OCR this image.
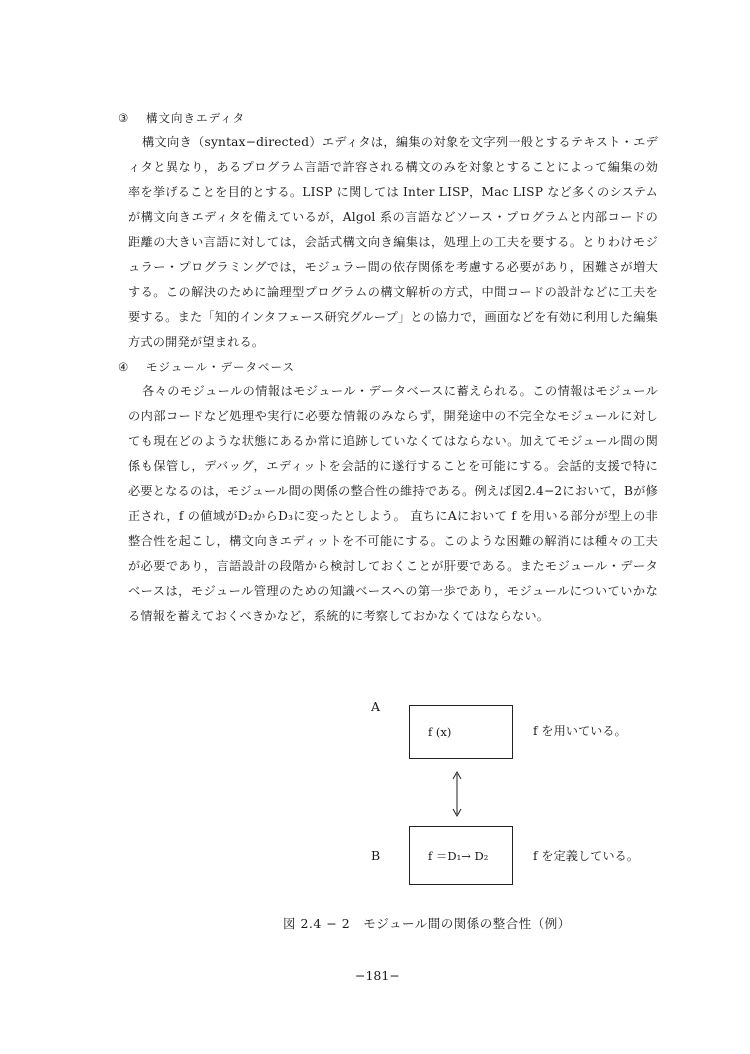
③ 構文向きエディタ

構文向き（syntax−directed）エディタは，編集の対象を文字列一般とするテキスト・エディタと異なり，あるプログラム言語で許容される構文のみを対象とすることによって編集の効率を挙げることを目的とする。LISP に関しては Inter LISP，Mac LISP など多くのシステムが構文向きエディタを備えているが，Algol 系の言語などソース・プログラムと内部コードの距離の大きい言語に対しては，会話式構文向き編集は，処理上の工夫を要する。とりわけモジュラー・プログラミングでは，モジュラー間の依存関係を考慮する必要があり，困難さが増大する。この解決のために論理型プログラムの構文解析の方式，中間コードの設計などに工夫を要する。また「知的インタフェース研究グループ」との協力で，画面などを有効に利用した編集方式の開発が望まれる。

④ モジュール・データベース

各々のモジュールの情報はモジュール・データベースに蓄えられる。この情報はモジュールの内部コードなど処理や実行に必要な情報のみならず，開発途中の不完全なモジュールに対しても現在どのような状態にあるか常に追跡していなくてはならない。加えてモジュール間の関係も保管し，デバッグ，エディットを会話的に遂行することを可能にする。会話的支援で特に必要となるのは，モジュール間の関係の整合性の維持である。例えば図2.4−2において，Bが修正され，f の値域がD₂からD₃に変ったとしよう。 直ちにAにおいて f を用いる部分が型上の非整合性を起こし，構文向きエディットを不可能にする。このような困難の解消には種々の工夫が必要であり，言語設計の段階から検討しておくことが肝要である。またモジュール・データベースは，モジュール管理のための知識ベースへの第一歩であり，モジュールについていかなる情報を蓄えておくべきかなど，系統的に考察しておかなくてはならない。

A
f (x)	f を用いている。
B	f ＝D₁→ D₂	f を定義している。
図 2.4 − 2　モジュール間の関係の整合性（例）
−181−
